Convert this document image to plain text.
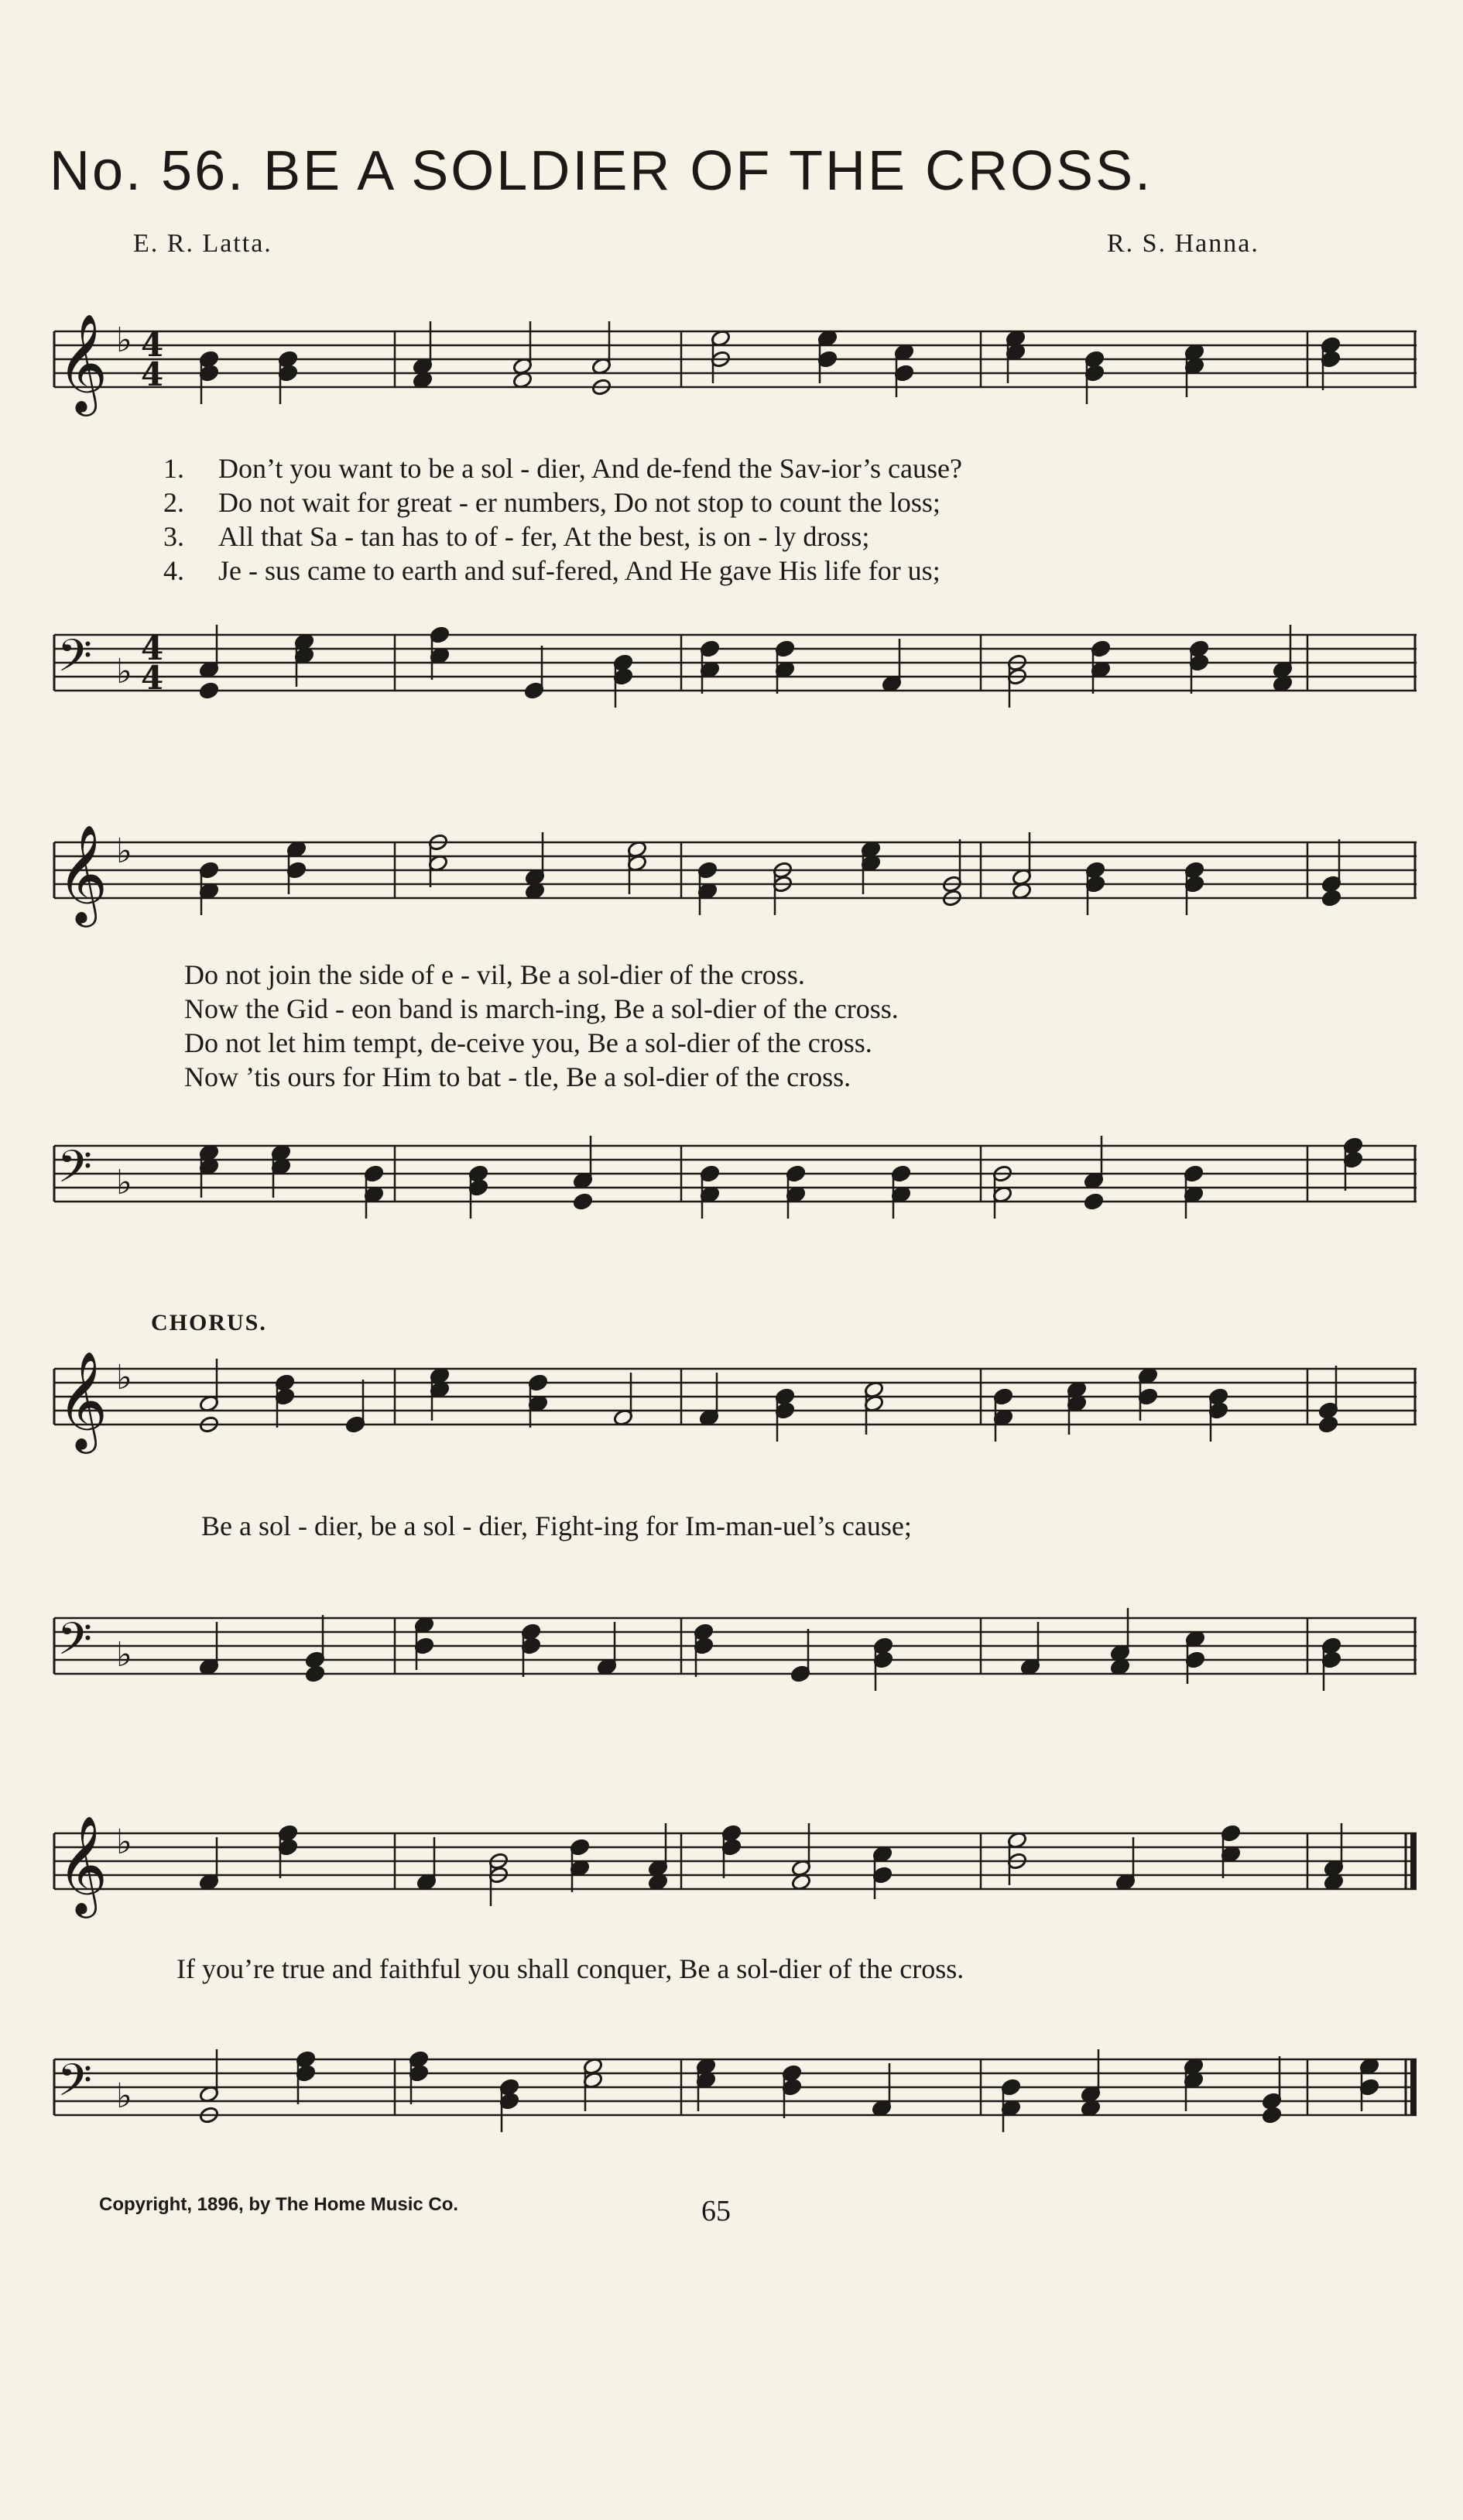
No. 56. BE A SOLDIER OF THE CROSS.

E. R. Latta.	R. S. Hanna.

𝄞 ♭ 4
4
1. Don’t you want to be a sol - dier, And de-fend the Sav-ior’s cause?
2. Do not wait for great - er numbers, Do not stop to count the loss;
3. All that Sa - tan has to of - fer, At the best, is on - ly dross;
4. Je - sus came to earth and suf-fered, And He gave His life for us;
𝄢 ♭
4
4
𝄞 ♭
Do not join the side of e - vil, Be a sol-dier of the cross.
Now the Gid - eon band is march-ing, Be a sol-dier of the cross.
Do not let him tempt, de-ceive you, Be a sol-dier of the cross.
Now ’tis ours for Him to bat - tle, Be a sol-dier of the cross.
𝄢 ♭
CHORUS.
𝄞 ♭
Be a sol - dier, be a sol - dier, Fight-ing for Im-man-uel’s cause;
𝄢 ♭
𝄞 ♭
If you’re true and faithful you shall conquer, Be a sol-dier of the cross.
𝄢 ♭
Copyright, 1896, by The Home Music Co.	65
